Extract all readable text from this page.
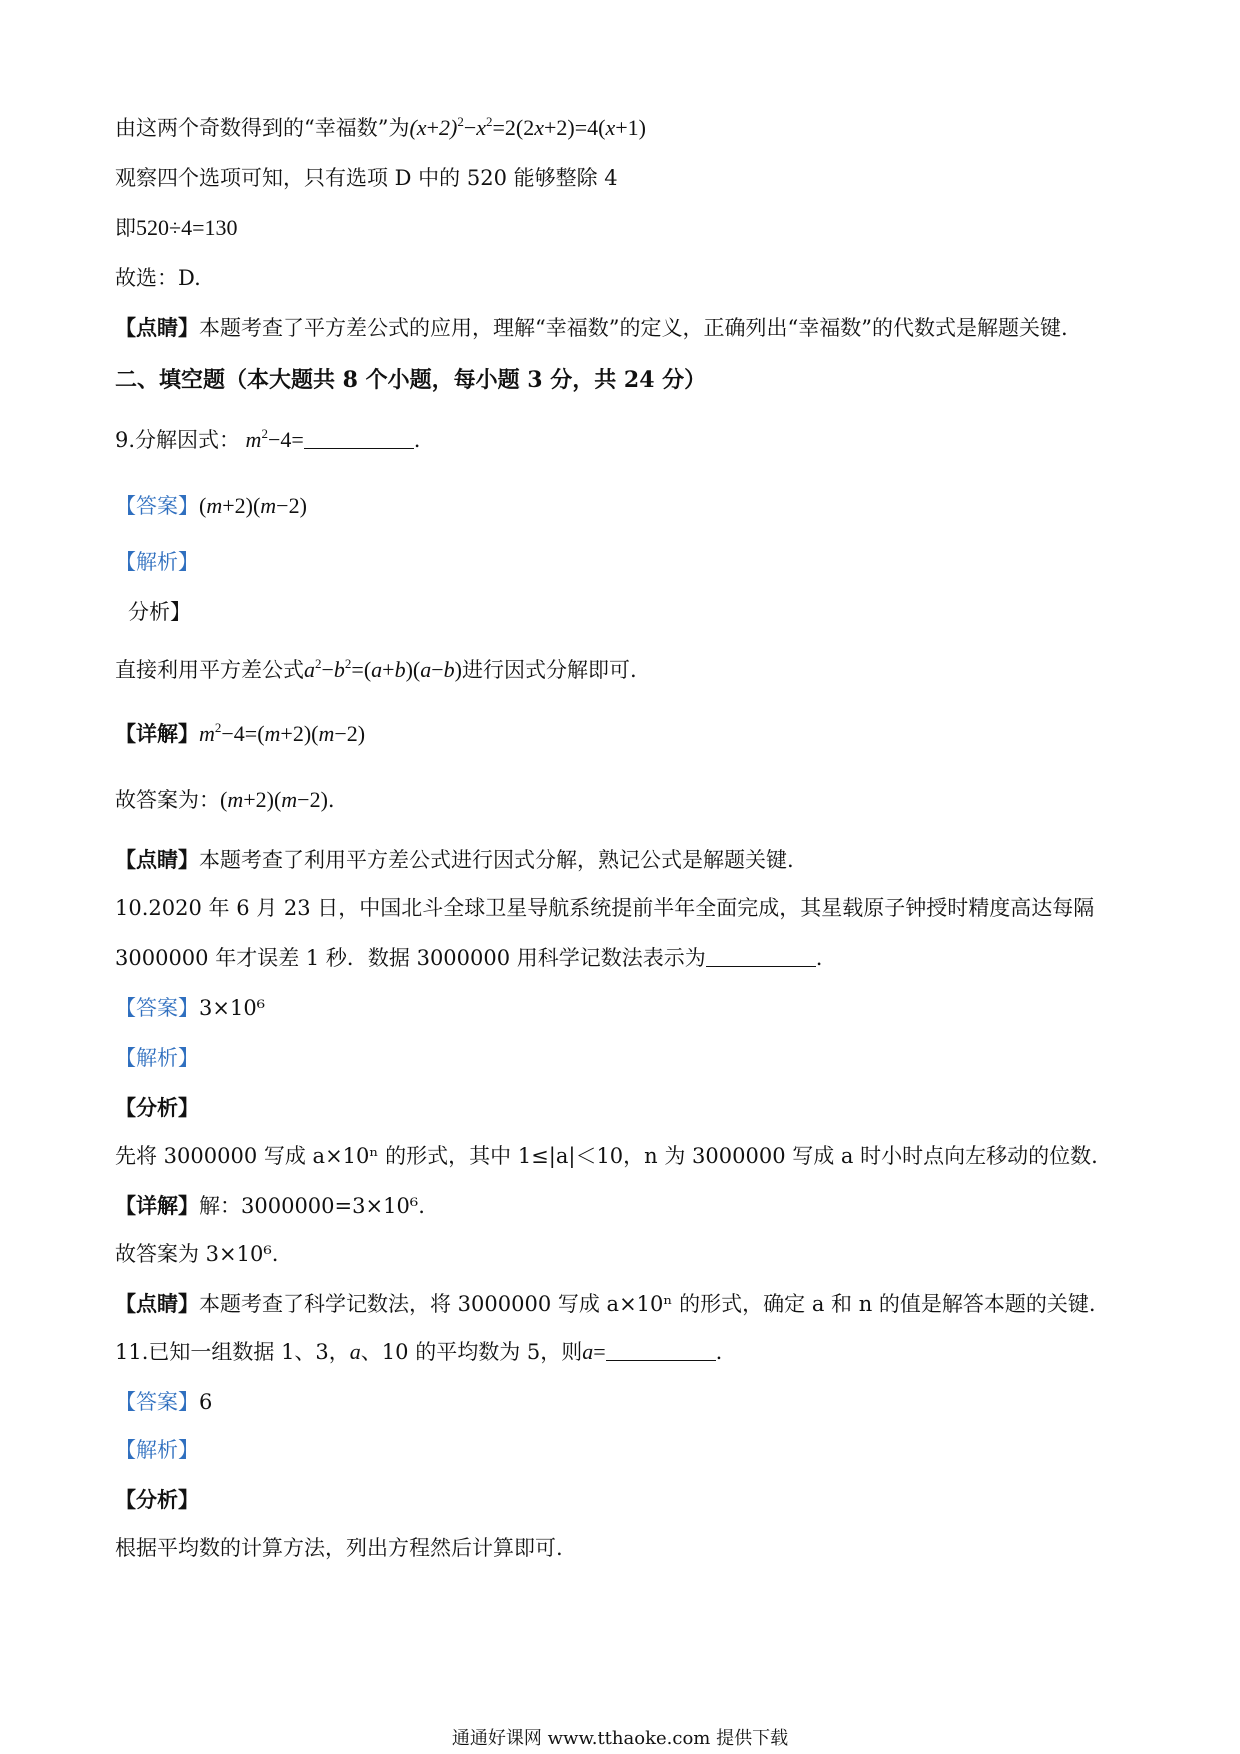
由这两个奇数得到的“幸福数”为$(x+2)^2-x^2=2(2x+2)=4(x+1)$
观察四个选项可知，只有选项 D 中的 520 能够整除 4
即520÷4=130
故选：D.
【点睛】本题考查了平方差公式的应用，理解“幸福数”的定义，正确列出“幸福数”的代数式是解题关键.
二、填空题（本大题共 8 个小题，每小题 3 分，共 24 分）
9.分解因式： $m^2-4=$	.
【答案】(m+2)(m−2)
【解析】
分析】
直接利用平方差公式$a^2-b^2=(a+b)(a-b)$进行因式分解即可.
【详解】$m^2-4=(m+2)(m-2)$
故答案为：(m+2)(m−2).
【点睛】本题考查了利用平方差公式进行因式分解，熟记公式是解题关键.
10.2020 年 6 月 23 日，中国北斗全球卫星导航系统提前半年全面完成，其星载原子钟授时精度高达每隔
3000000 年才误差 1 秒．数据 3000000 用科学记数法表示为	.
【答案】3×10⁶
【解析】
【分析】
先将 3000000 写成 a×10ⁿ 的形式，其中 1≤|a|＜10，n 为 3000000 写成 a 时小时点向左移动的位数.
【详解】解：3000000=3×10⁶.
故答案为 3×10⁶.
【点睛】本题考查了科学记数法，将 3000000 写成 a×10ⁿ 的形式，确定 a 和 n 的值是解答本题的关键.
11.已知一组数据 1、3，a、10 的平均数为 5，则a=	.
【答案】6
【解析】
【分析】
根据平均数的计算方法，列出方程然后计算即可.
通通好课网 www.tthaoke.com 提供下载
